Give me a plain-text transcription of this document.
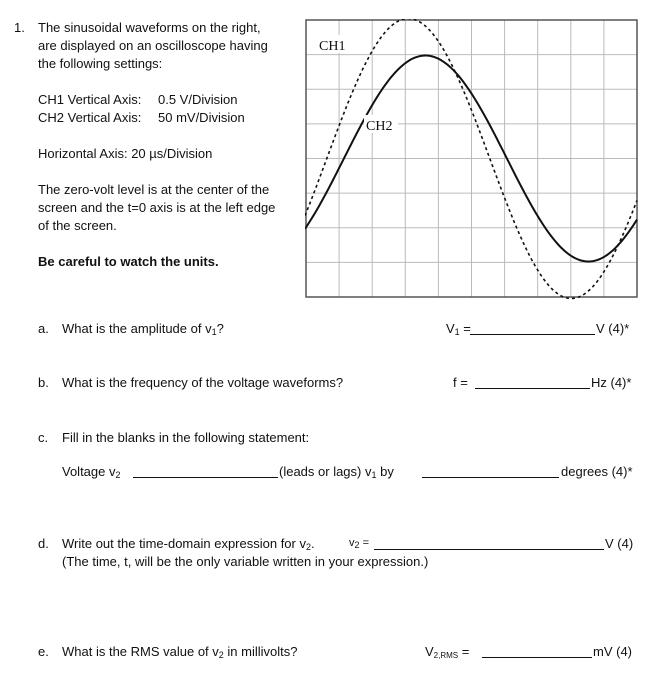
1. The sinusoidal waveforms on the right,
are displayed on an oscilloscope having
the following settings:
CH1 Vertical Axis: 0.5 V/Division
CH2 Vertical Axis: 50 mV/Division
Horizontal Axis: 20 µs/Division
The zero-volt level is at the center of the
screen and the t=0 axis is at the left edge
of the screen.
Be careful to watch the units.
CH1
CH2
a. What is the amplitude of $v_1$?	$V_1$ =	V (4)*
b. What is the frequency of the voltage waveforms?	f =	Hz (4)*
c. Fill in the blanks in the following statement:
Voltage $v_2$	(leads or lags) $v_1$ by	degrees (4)*
d. Write out the time-domain expression for $v_2$.	$v_2$ =	V (4)
(The time, t, will be the only variable written in your expression.)
e. What is the RMS value of $v_2$ in millivolts?	$V_{2,RMS}$ =	mV (4)
